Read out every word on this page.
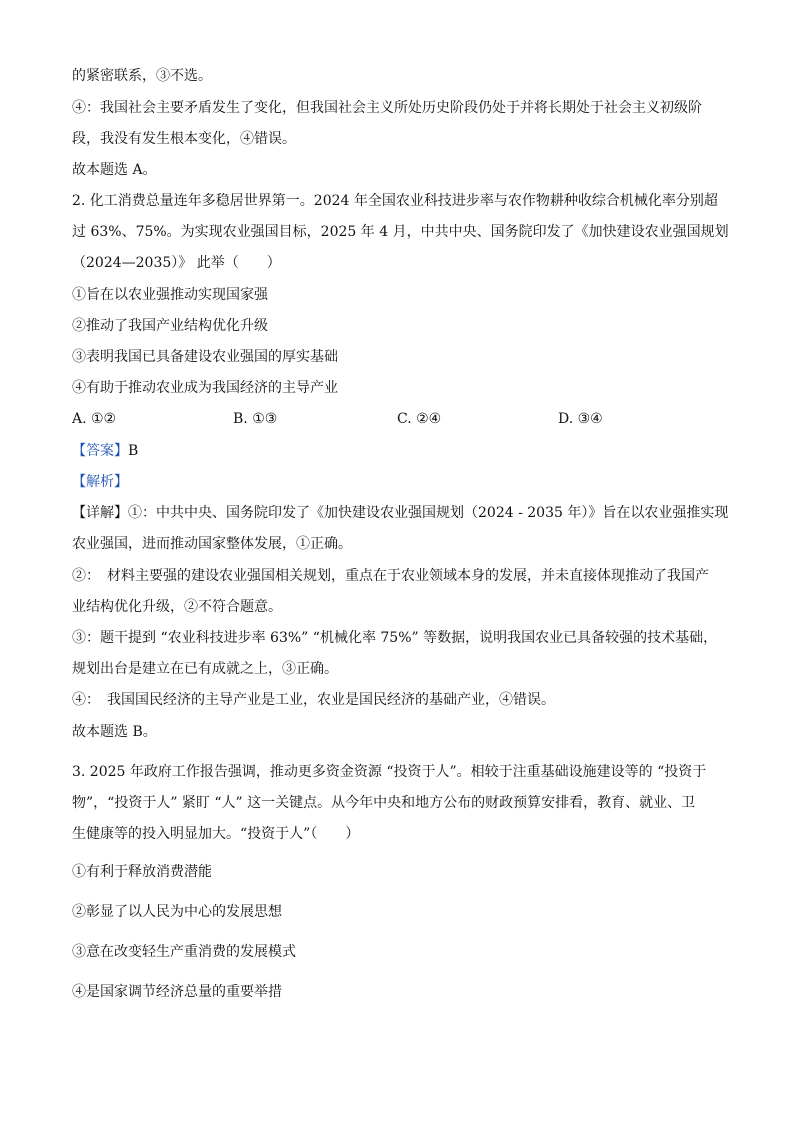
的紧密联系，③不选。
④：我国社会主要矛盾发生了变化，但我国社会主义所处历史阶段仍处于并将长期处于社会主义初级阶
段，我没有发生根本变化，④错误。
故本题选 A。
2. 化工消费总量连年多稳居世界第一。2024 年全国农业科技进步率与农作物耕种收综合机械化率分别超
过 63%、75%。为实现农业强国目标，2025 年 4 月，中共中央、国务院印发了《加快建设农业强国规划
（2024—2035）》 此举（　　）
①旨在以农业强推动实现国家强
②推动了我国产业结构优化升级
③表明我国已具备建设农业强国的厚实基础
④有助于推动农业成为我国经济的主导产业
A. ①②	B. ①③	C. ②④	D. ③④
【答案】B
【解析】
【详解】①：中共中央、国务院印发了《加快建设农业强国规划（2024 - 2035 年）》旨在以农业强推实现
农业强国，进而推动国家整体发展，①正确。
②：　材料主要强的建设农业强国相关规划，重点在于农业领域本身的发展，并未直接体现推动了我国产
业结构优化升级，②不符合题意。
③：题干提到 “农业科技进步率 63%” “机械化率 75%” 等数据，说明我国农业已具备较强的技术基础，
规划出台是建立在已有成就之上，③正确。
④：　我国国民经济的主导产业是工业，农业是国民经济的基础产业，④错误。
故本题选 B。
3. 2025 年政府工作报告强调，推动更多资金资源 “投资于人”。相较于注重基础设施建设等的 “投资于
物”，“投资于人” 紧盯 “人” 这一关键点。从今年中央和地方公布的财政预算安排看，教育、就业、卫
生健康等的投入明显加大。“投资于人”（　　）
①有利于释放消费潜能
②彰显了以人民为中心的发展思想
③意在改变轻生产重消费的发展模式
④是国家调节经济总量的重要举措
